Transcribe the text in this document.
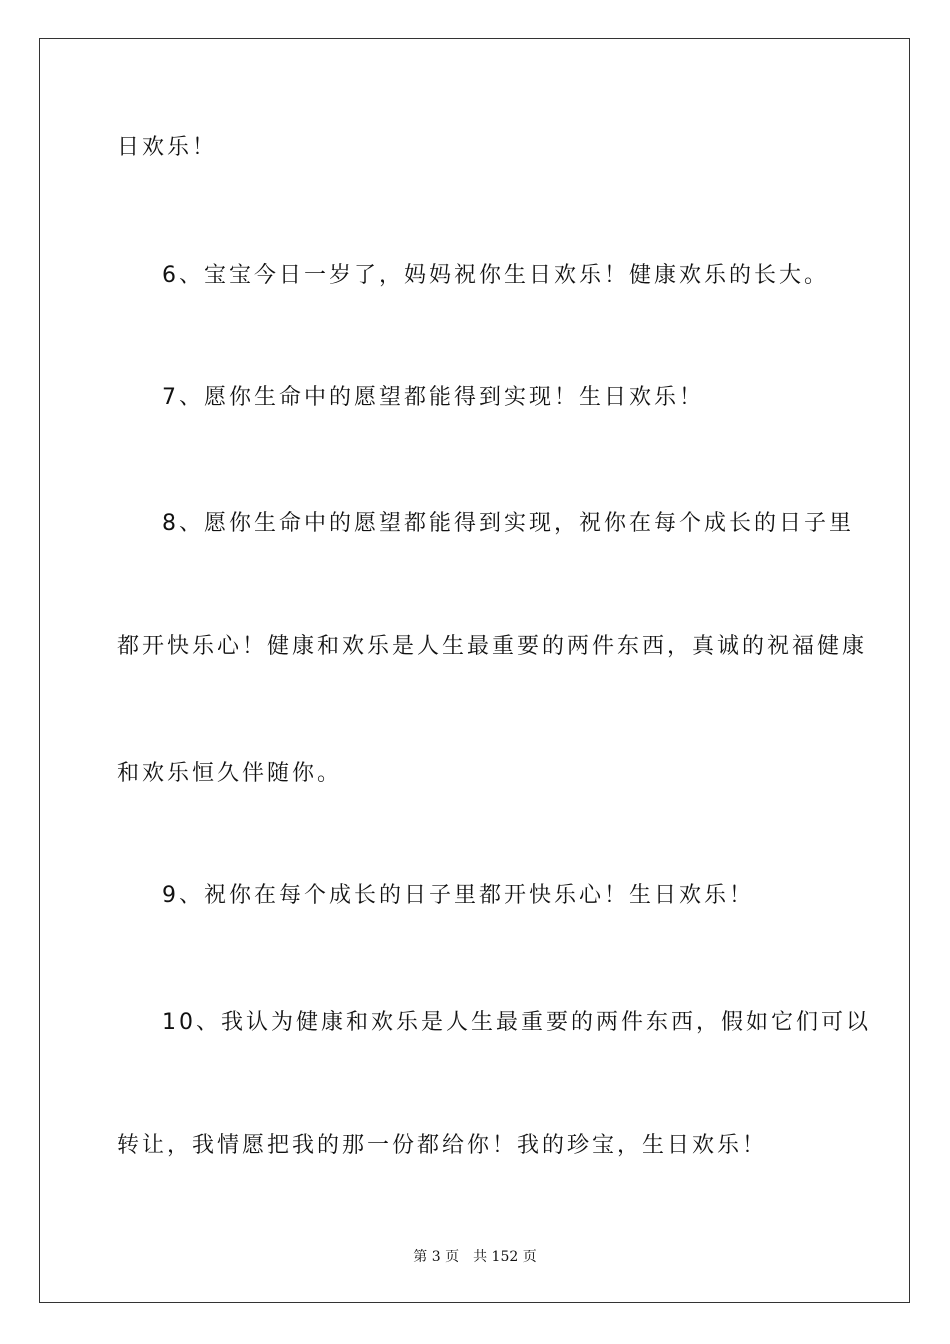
日欢乐！
6、宝宝今日一岁了，妈妈祝你生日欢乐！健康欢乐的长大。
7、愿你生命中的愿望都能得到实现！生日欢乐！
8、愿你生命中的愿望都能得到实现，祝你在每个成长的日子里
都开快乐心！健康和欢乐是人生最重要的两件东西，真诚的祝福健康
和欢乐恒久伴随你。
9、祝你在每个成长的日子里都开快乐心！生日欢乐！
10、我认为健康和欢乐是人生最重要的两件东西，假如它们可以
转让，我情愿把我的那一份都给你！我的珍宝，生日欢乐！
第 3 页 共 152 页
